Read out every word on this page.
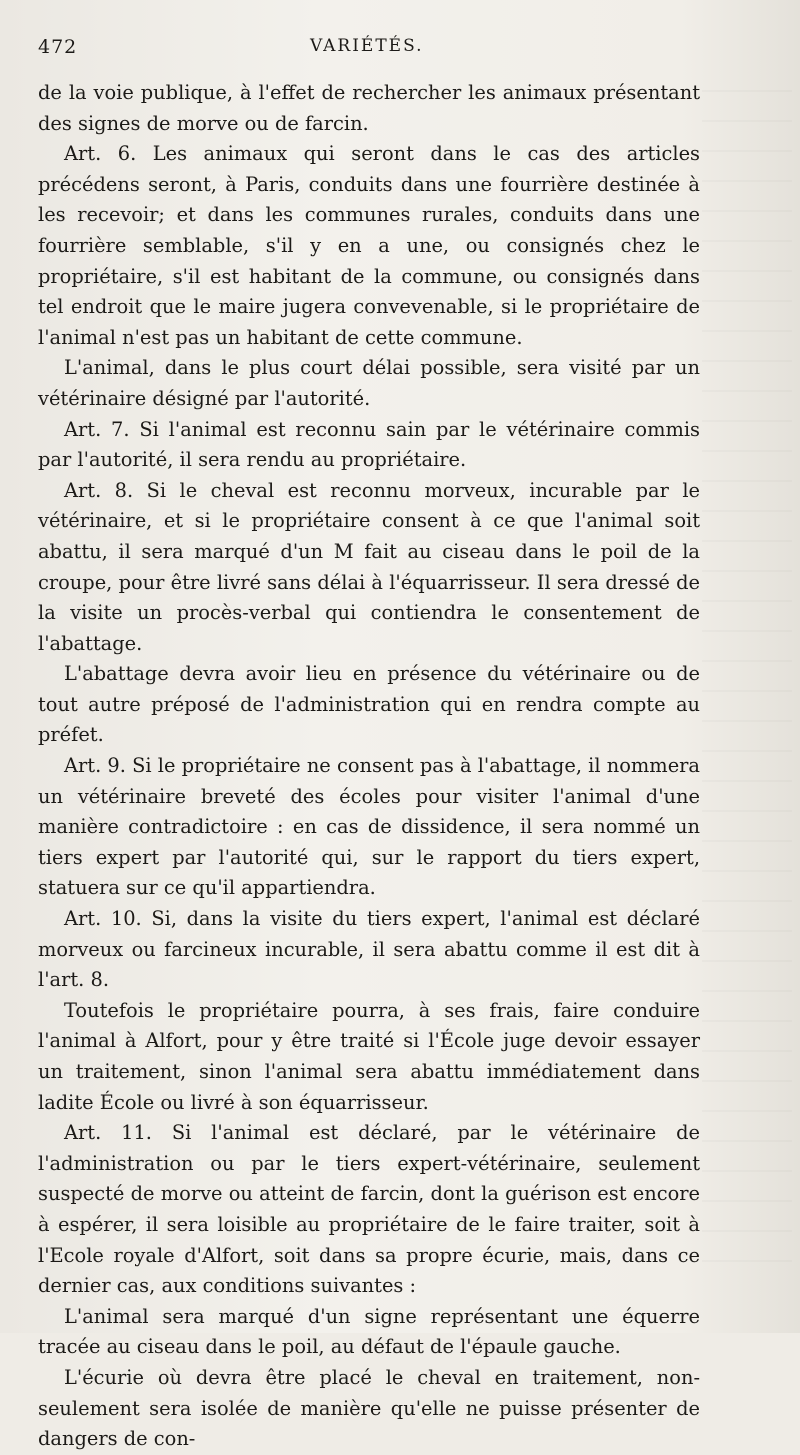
472	VARIÉTÉS.

de la voie publique, à l'effet de rechercher les animaux présentant des signes de morve ou de farcin.

Art. 6. Les animaux qui seront dans le cas des articles précédens seront, à Paris, conduits dans une fourrière destinée à les recevoir; et dans les communes rurales, conduits dans une fourrière semblable, s'il y en a une, ou consignés chez le propriétaire, s'il est habitant de la commune, ou consignés dans tel endroit que le maire jugera convevenable, si le propriétaire de l'animal n'est pas un habitant de cette commune.

L'animal, dans le plus court délai possible, sera visité par un vétérinaire désigné par l'autorité.

Art. 7. Si l'animal est reconnu sain par le vétérinaire commis par l'autorité, il sera rendu au propriétaire.

Art. 8. Si le cheval est reconnu morveux, incurable par le vétérinaire, et si le propriétaire consent à ce que l'animal soit abattu, il sera marqué d'un M fait au ciseau dans le poil de la croupe, pour être livré sans délai à l'équarrisseur. Il sera dressé de la visite un procès-verbal qui contiendra le consentement de l'abattage.

L'abattage devra avoir lieu en présence du vétérinaire ou de tout autre préposé de l'administration qui en rendra compte au préfet.

Art. 9. Si le propriétaire ne consent pas à l'abattage, il nommera un vétérinaire breveté des écoles pour visiter l'animal d'une manière contradictoire : en cas de dissidence, il sera nommé un tiers expert par l'autorité qui, sur le rapport du tiers expert, statuera sur ce qu'il appartiendra.

Art. 10. Si, dans la visite du tiers expert, l'animal est déclaré morveux ou farcineux incurable, il sera abattu comme il est dit à l'art. 8.

Toutefois le propriétaire pourra, à ses frais, faire conduire l'animal à Alfort, pour y être traité si l'École juge devoir essayer un traitement, sinon l'animal sera abattu immédiatement dans ladite École ou livré à son équarrisseur.

Art. 11. Si l'animal est déclaré, par le vétérinaire de l'administration ou par le tiers expert-vétérinaire, seulement suspecté de morve ou atteint de farcin, dont la guérison est encore à espérer, il sera loisible au propriétaire de le faire traiter, soit à l'Ecole royale d'Alfort, soit dans sa propre écurie, mais, dans ce dernier cas, aux conditions suivantes :

L'animal sera marqué d'un signe représentant une équerre tracée au ciseau dans le poil, au défaut de l'épaule gauche.

L'écurie où devra être placé le cheval en traitement, non-seulement sera isolée de manière qu'elle ne puisse présenter de dangers de con-
